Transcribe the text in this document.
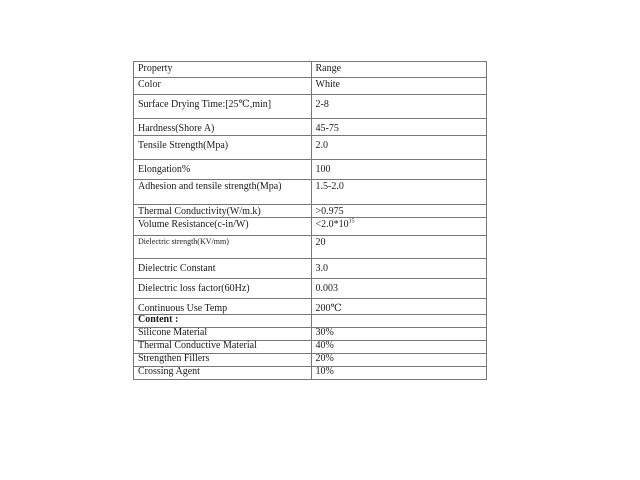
Property	Range
Color	White
Surface Drying Time:[25℃,min]	2-8
Hardness(Shore A)	45-75
Tensile Strength(Mpa)	2.0
Elongation%	100
Adhesion and tensile strength(Mpa)	1.5-2.0
Thermal Conductivity(W/m.k)	>0.975
Volume Resistance(c-in/W)	$<2.0*10^{15}$
Dielectric strength(KV/mm)	20
Dielectric Constant	3.0
Dielectric loss factor(60Hz)	0.003
Continuous Use Temp	200℃
Content :	
Silicone Material	30%
Thermal Conductive Material	40%
Strengthen Fillers	20%
Crossing Agent	10%
